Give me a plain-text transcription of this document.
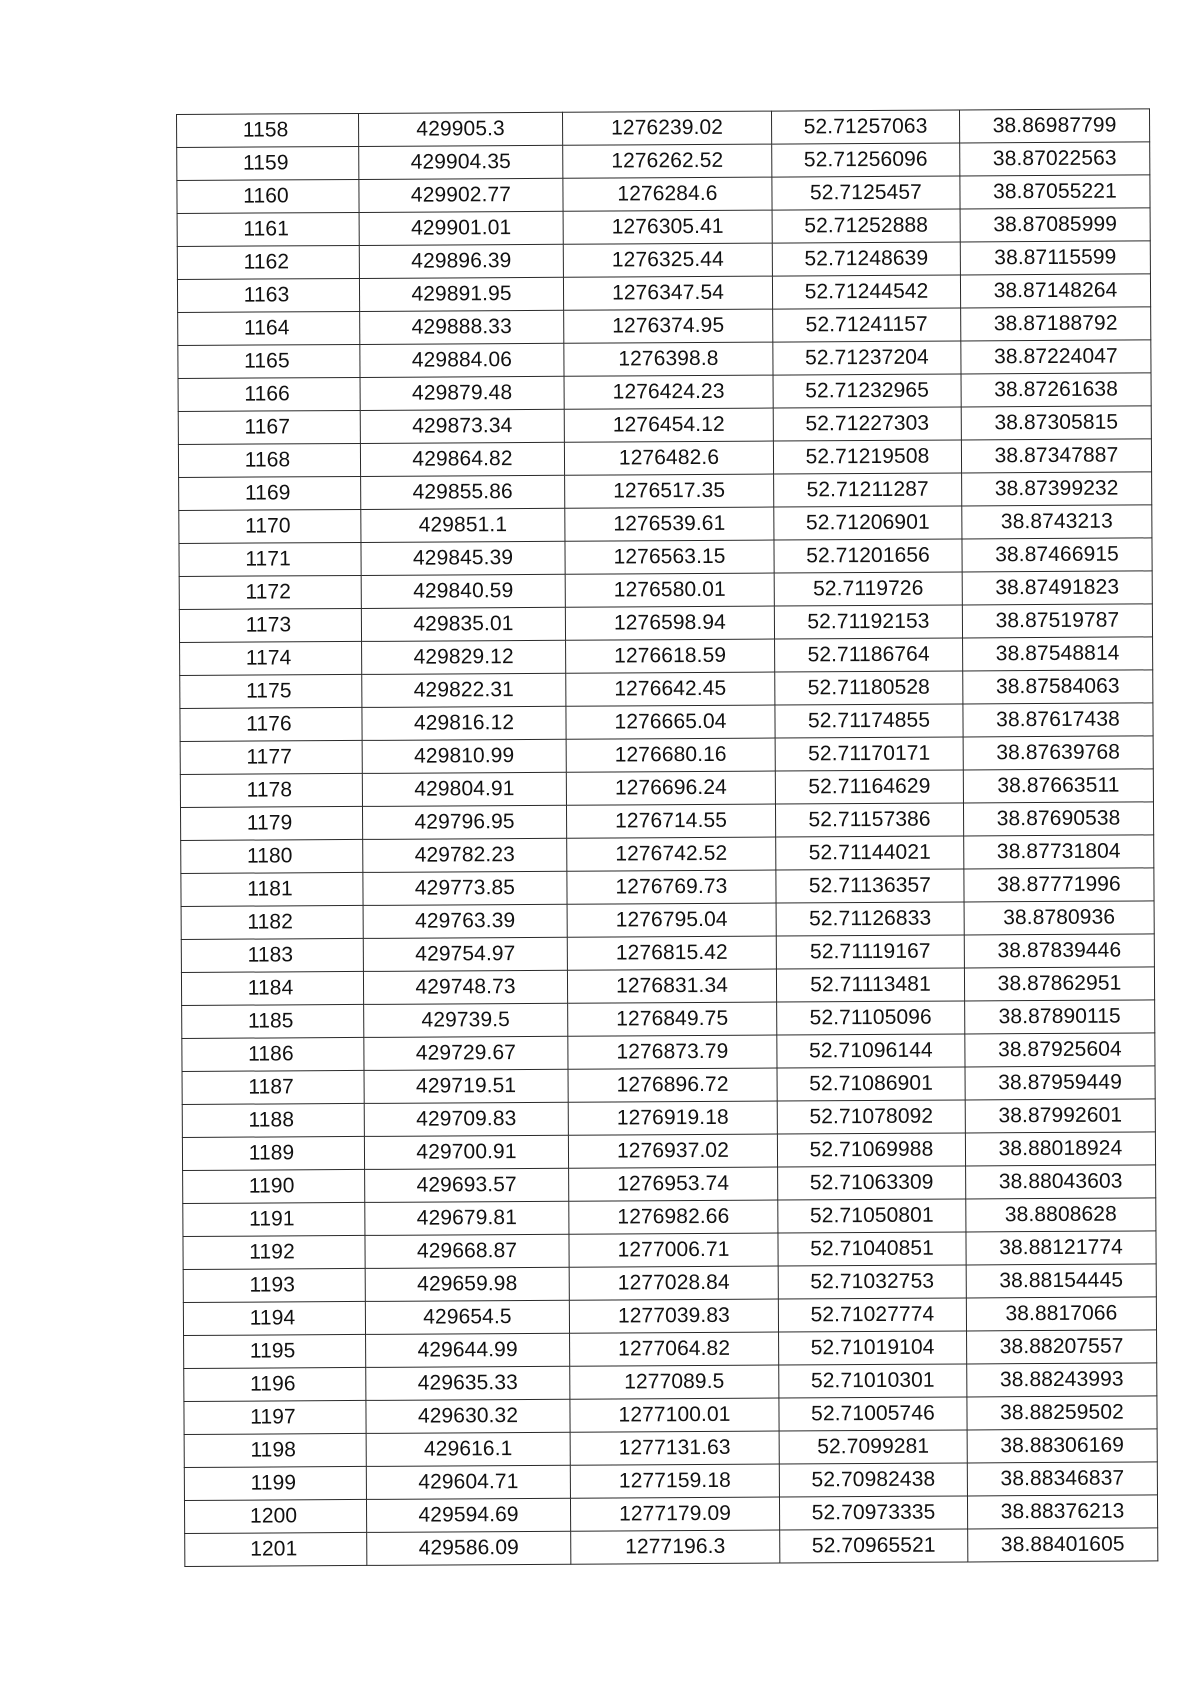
1158	429905.3	1276239.02	52.71257063	38.86987799
1159	429904.35	1276262.52	52.71256096	38.87022563
1160	429902.77	1276284.6	52.7125457	38.87055221
1161	429901.01	1276305.41	52.71252888	38.87085999
1162	429896.39	1276325.44	52.71248639	38.87115599
1163	429891.95	1276347.54	52.71244542	38.87148264
1164	429888.33	1276374.95	52.71241157	38.87188792
1165	429884.06	1276398.8	52.71237204	38.87224047
1166	429879.48	1276424.23	52.71232965	38.87261638
1167	429873.34	1276454.12	52.71227303	38.87305815
1168	429864.82	1276482.6	52.71219508	38.87347887
1169	429855.86	1276517.35	52.71211287	38.87399232
1170	429851.1	1276539.61	52.71206901	38.8743213
1171	429845.39	1276563.15	52.71201656	38.87466915
1172	429840.59	1276580.01	52.7119726	38.87491823
1173	429835.01	1276598.94	52.71192153	38.87519787
1174	429829.12	1276618.59	52.71186764	38.87548814
1175	429822.31	1276642.45	52.71180528	38.87584063
1176	429816.12	1276665.04	52.71174855	38.87617438
1177	429810.99	1276680.16	52.71170171	38.87639768
1178	429804.91	1276696.24	52.71164629	38.87663511
1179	429796.95	1276714.55	52.71157386	38.87690538
1180	429782.23	1276742.52	52.71144021	38.87731804
1181	429773.85	1276769.73	52.71136357	38.87771996
1182	429763.39	1276795.04	52.71126833	38.8780936
1183	429754.97	1276815.42	52.71119167	38.87839446
1184	429748.73	1276831.34	52.71113481	38.87862951
1185	429739.5	1276849.75	52.71105096	38.87890115
1186	429729.67	1276873.79	52.71096144	38.87925604
1187	429719.51	1276896.72	52.71086901	38.87959449
1188	429709.83	1276919.18	52.71078092	38.87992601
1189	429700.91	1276937.02	52.71069988	38.88018924
1190	429693.57	1276953.74	52.71063309	38.88043603
1191	429679.81	1276982.66	52.71050801	38.8808628
1192	429668.87	1277006.71	52.71040851	38.88121774
1193	429659.98	1277028.84	52.71032753	38.88154445
1194	429654.5	1277039.83	52.71027774	38.8817066
1195	429644.99	1277064.82	52.71019104	38.88207557
1196	429635.33	1277089.5	52.71010301	38.88243993
1197	429630.32	1277100.01	52.71005746	38.88259502
1198	429616.1	1277131.63	52.7099281	38.88306169
1199	429604.71	1277159.18	52.70982438	38.88346837
1200	429594.69	1277179.09	52.70973335	38.88376213
1201	429586.09	1277196.3	52.70965521	38.88401605
